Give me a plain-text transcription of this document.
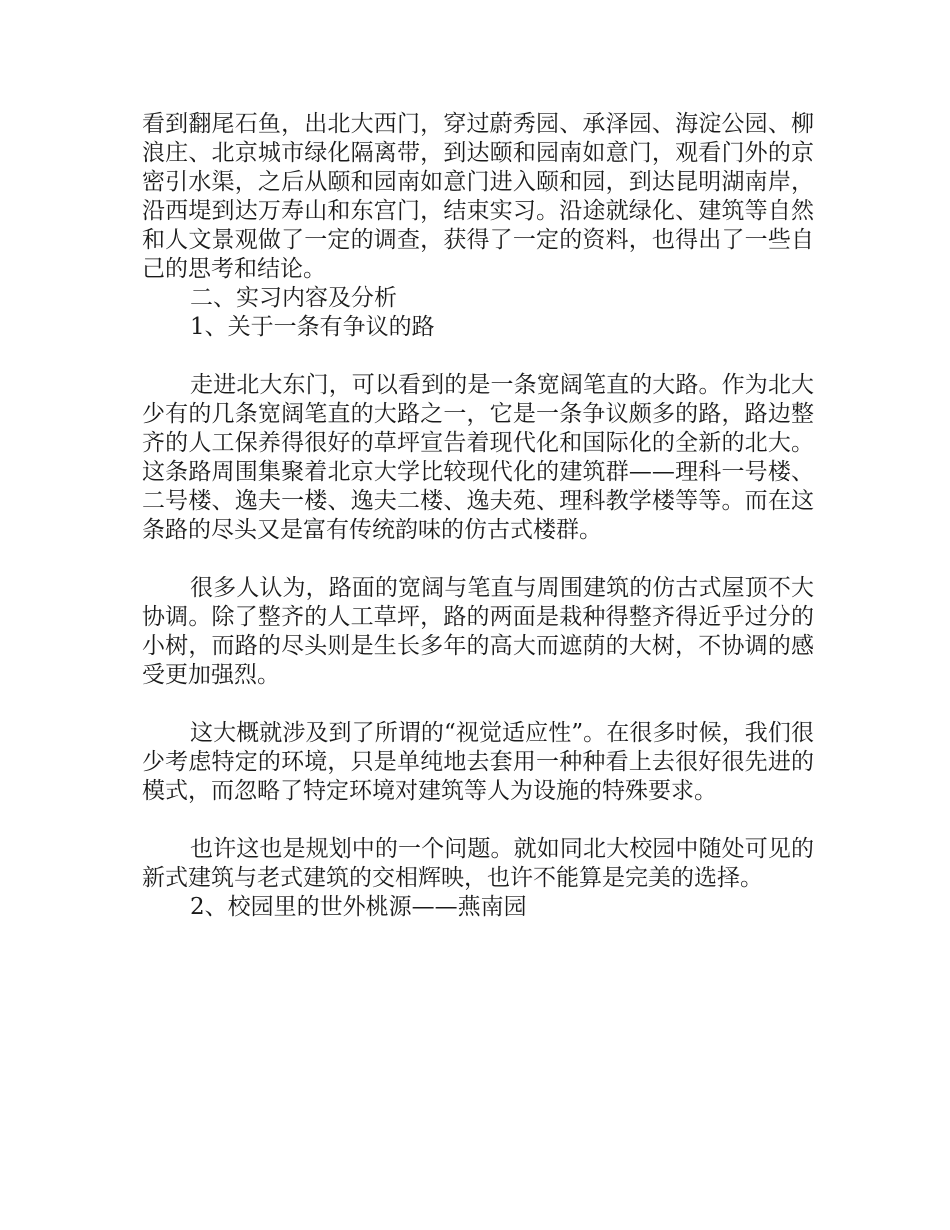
看到翻尾石鱼，出北大西门，穿过蔚秀园、承泽园、海淀公园、柳浪庄、北京城市绿化隔离带，到达颐和园南如意门，观看门外的京密引水渠，之后从颐和园南如意门进入颐和园，到达昆明湖南岸，沿西堤到达万寿山和东宫门，结束实习。沿途就绿化、建筑等自然和人文景观做了一定的调查，获得了一定的资料，也得出了一些自己的思考和结论。

二、实习内容及分析

1、关于一条有争议的路

走进北大东门，可以看到的是一条宽阔笔直的大路。作为北大少有的几条宽阔笔直的大路之一，它是一条争议颇多的路，路边整齐的人工保养得很好的草坪宣告着现代化和国际化的全新的北大。这条路周围集聚着北京大学比较现代化的建筑群——理科一号楼、二号楼、逸夫一楼、逸夫二楼、逸夫苑、理科教学楼等等。而在这条路的尽头又是富有传统韵味的仿古式楼群。

很多人认为，路面的宽阔与笔直与周围建筑的仿古式屋顶不大协调。除了整齐的人工草坪，路的两面是栽种得整齐得近乎过分的小树，而路的尽头则是生长多年的高大而遮荫的大树，不协调的感受更加强烈。

这大概就涉及到了所谓的“视觉适应性”。在很多时候，我们很少考虑特定的环境，只是单纯地去套用一种种看上去很好很先进的模式，而忽略了特定环境对建筑等人为设施的特殊要求。

也许这也是规划中的一个问题。就如同北大校园中随处可见的新式建筑与老式建筑的交相辉映，也许不能算是完美的选择。

2、校园里的世外桃源——燕南园
